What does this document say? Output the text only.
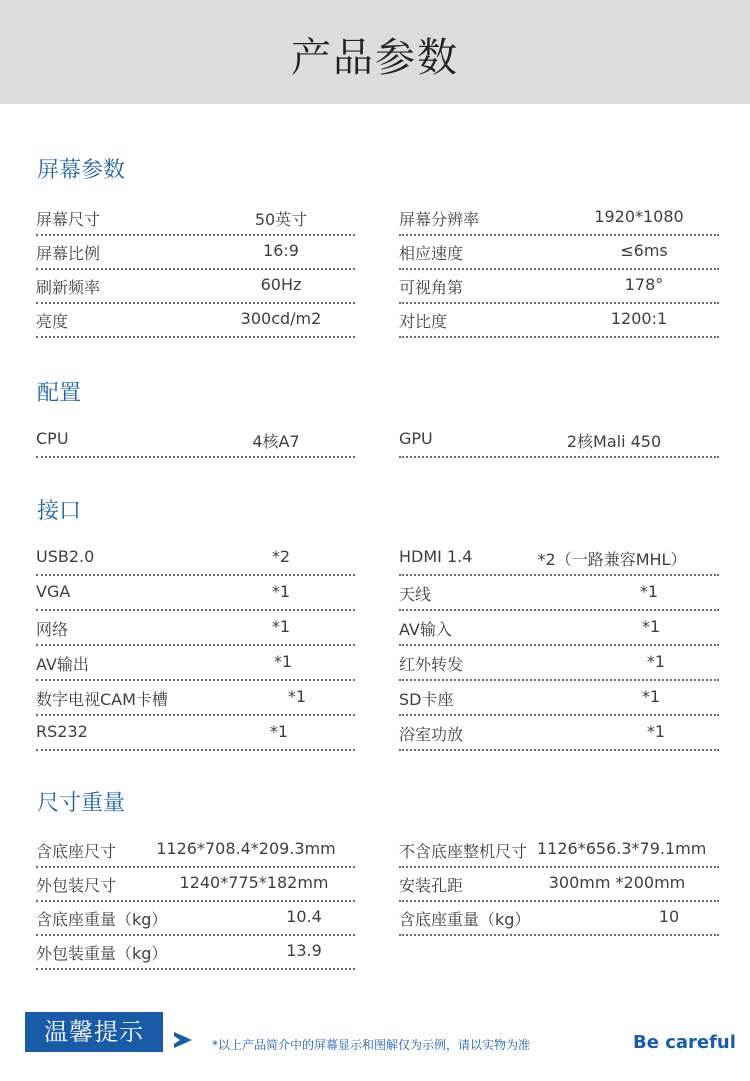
产品参数
屏幕参数
屏幕尺寸	50英寸
屏幕比例	16:9
刷新频率	60Hz
亮度	300cd/m2
屏幕分辨率	1920*1080
相应速度	≤6ms
可视角第	178°
对比度	1200:1
配置
CPU	4核A7	GPU	2核Mali 450
接口
USB2.0	*2
VGA	*1
网络	*1
AV输出	*1
数字电视CAM卡槽	*1
RS232	*1
HDMI 1.4	*2（一路兼容MHL）
天线	*1
AV输入	*1
红外转发	*1
SD卡座	*1
浴室功放	*1
尺寸重量
含底座尺寸	1126*708.4*209.3mm
外包装尺寸	1240*775*182mm
含底座重量（kg）	10.4
外包装重量（kg）	13.9
不含底座整机尺寸 1126*656.3*79.1mm
安装孔距	300mm *200mm
含底座重量（kg）	10
温馨提示	*以上产品简介中的屏幕显示和图解仅为示例，请以实物为准	Be careful
